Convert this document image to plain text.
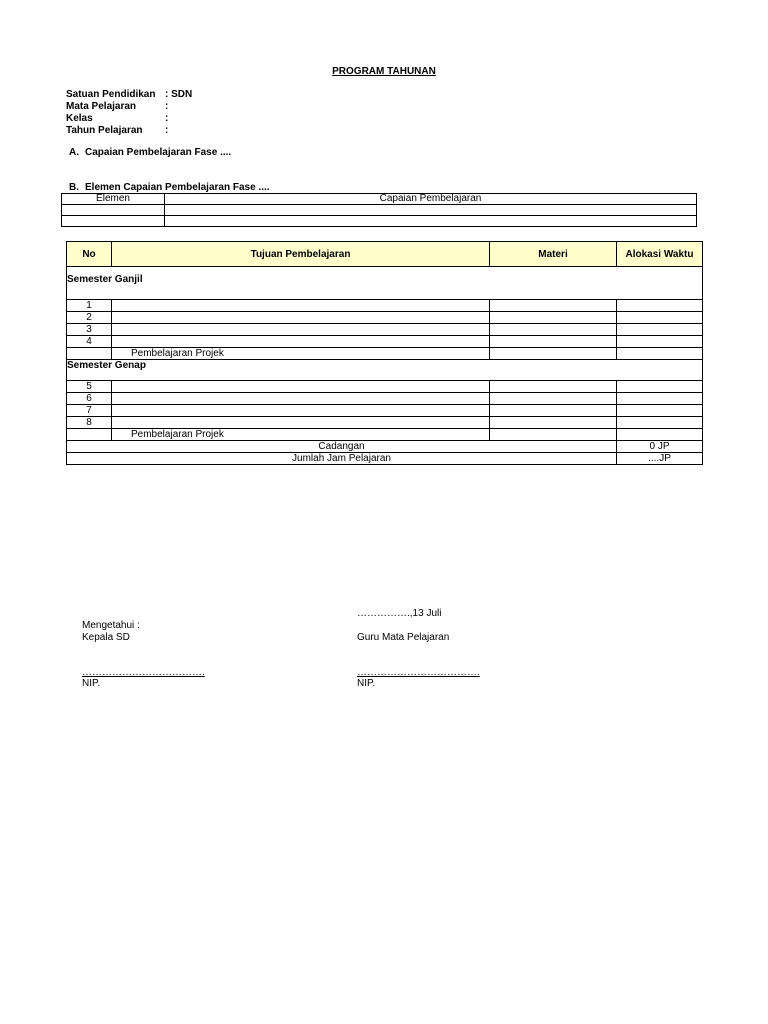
PROGRAM TAHUNAN
Satuan Pendidikan : SDN
Mata Pelajaran	:
Kelas	:
Tahun Pelajaran	:
A. Capaian Pembelajaran Fase ....
B. Elemen Capaian Pembelajaran Fase ....
Elemen	Capaian Pembelajaran

No	Tujuan Pembelajaran	Materi	Alokasi Waktu
Semester Ganjil			
1			
2			
3			
4			
	Pembelajaran Projek		
Semester Genap			
5			
6			
7			
8			
	Pembelajaran Projek		
Cadangan			0 JP
Jumlah Jam Pelajaran			....JP
…………….,13 Juli
Mengetahui :
Kepala SD	Guru Mata Pelajaran
……………………………….	……………………………….
NIP.	NIP.
